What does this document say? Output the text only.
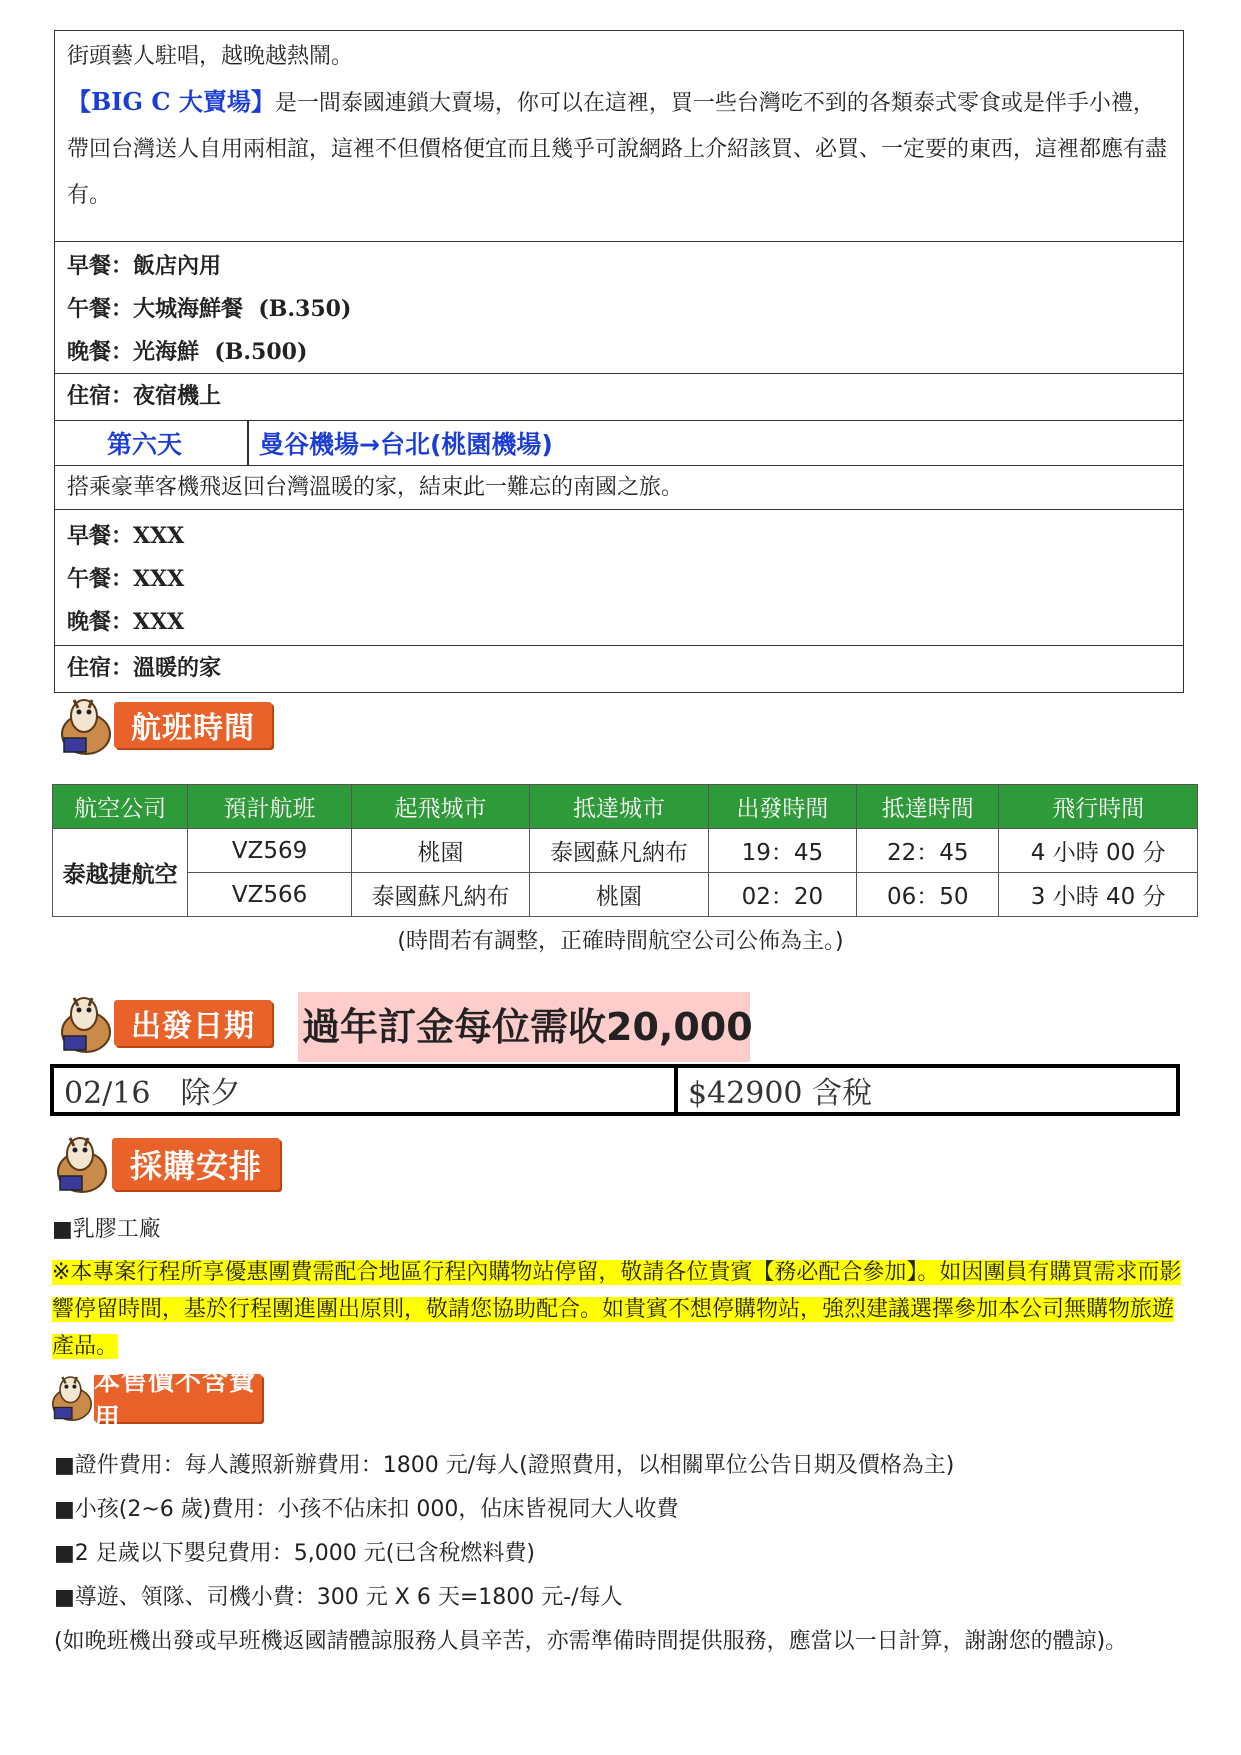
街頭藝人駐唱，越晚越熱鬧。

【BIG C 大賣場】是一間泰國連鎖大賣場，你可以在這裡，買一些台灣吃不到的各類泰式零食或是伴手小禮，帶回台灣送人自用兩相誼，這裡不但價格便宜而且幾乎可說網路上介紹該買、必買、一定要的東西，這裡都應有盡有。

早餐：飯店內用
午餐：大城海鮮餐 (B.350)
晚餐：光海鮮 (B.500)
住宿：夜宿機上
第六天	曼谷機場→台北(桃園機場)
搭乘豪華客機飛返回台灣溫暖的家，結束此一難忘的南國之旅。
早餐：XXX
午餐：XXX
晚餐：XXX
住宿：溫暖的家
航班時間
航空公司	預計航班	起飛城市	抵達城市	出發時間	抵達時間	飛行時間
泰越捷航空	VZ569	桃園	泰國蘇凡納布	19：45	22：45	4 小時 00 分
	VZ566	泰國蘇凡納布	桃園	02：20	06：50	3 小時 40 分
(時間若有調整，正確時間航空公司公佈為主。)
出發日期	過年訂金每位需收20,000
02/16　除夕	$42900 含稅
採購安排
■乳膠工廠
※本專案行程所享優惠團費需配合地區行程內購物站停留，敬請各位貴賓【務必配合參加】。如因團員有購買需求而影響停留時間，基於行程團進團出原則，敬請您協助配合。如貴賓不想停購物站，強烈建議選擇參加本公司無購物旅遊產品。
本售價不含費用

■證件費用：每人護照新辦費用：1800 元/每人(證照費用，以相關單位公告日期及價格為主)

■小孩(2~6 歲)費用：小孩不佔床扣 000，佔床皆視同大人收費

■2 足歲以下嬰兒費用：5,000 元(已含稅燃料費)

■導遊、領隊、司機小費：300 元 X 6 天=1800 元-/每人

(如晚班機出發或早班機返國請體諒服務人員辛苦，亦需準備時間提供服務，應當以一日計算，謝謝您的體諒)。
